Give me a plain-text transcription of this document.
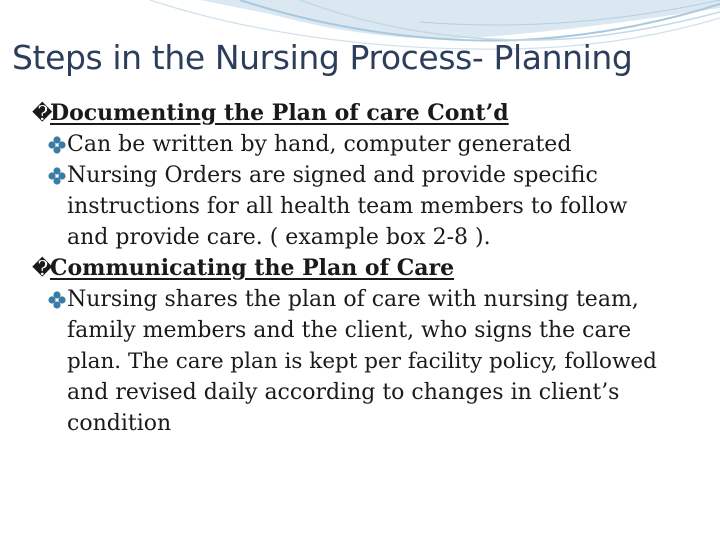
Steps in the Nursing Process- Planning
�
Documenting the Plan of care Cont’d
Can be written by hand, computer generated
Nursing Orders are signed and provide specific
instructions for all health team members to follow
and provide care. ( example box 2-8 ).
�
Communicating the Plan of Care
Nursing shares the plan of care with nursing team,
family members and the client, who signs the care
plan. The care plan is kept per facility policy, followed
and revised daily according to changes in client’s
condition
